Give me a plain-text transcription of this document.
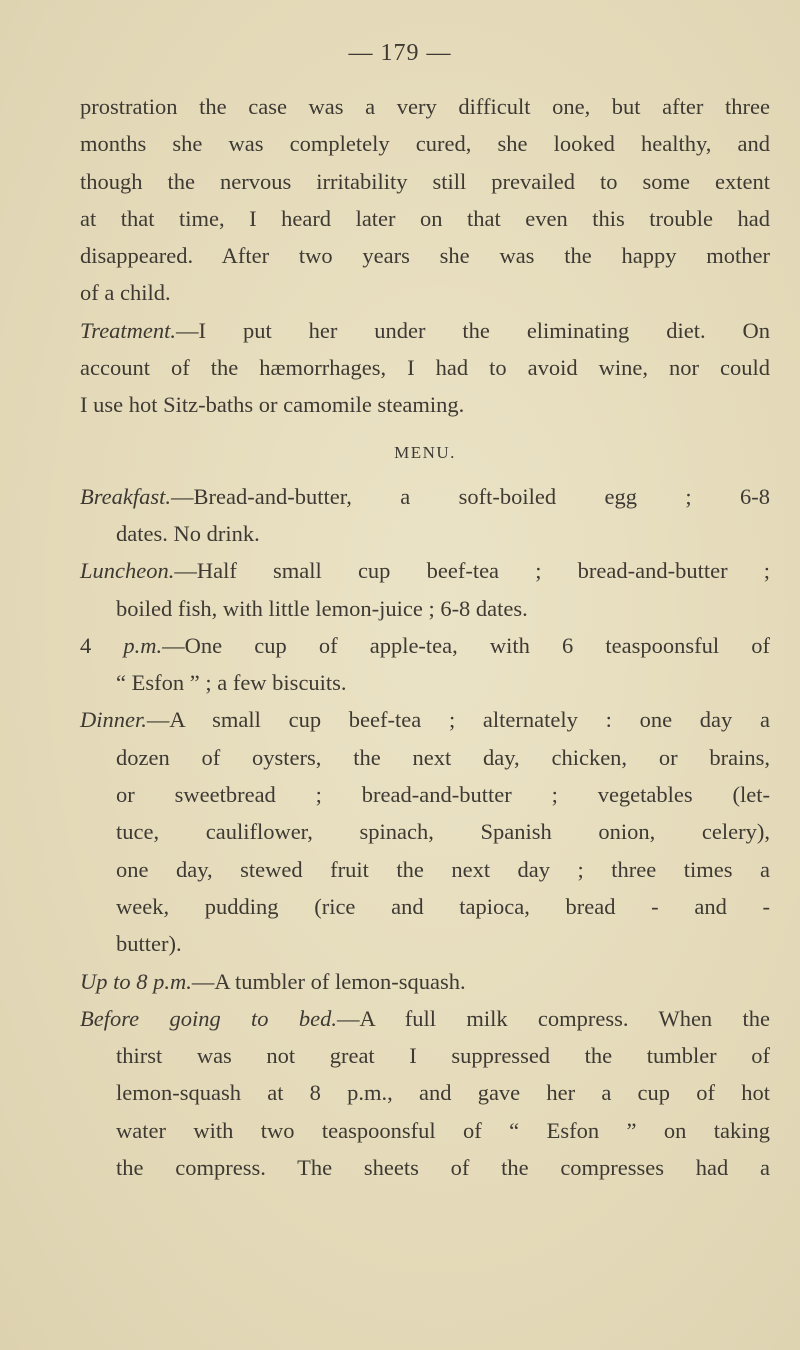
— 179 —
prostration the case was a very difficult one, but after three
months she was completely cured, she looked healthy, and
though the nervous irritability still prevailed to some extent
at that time, I heard later on that even this trouble had
disappeared. After two years she was the happy mother
of a child.
Treatment.—I put her under the eliminating diet. On
account of the hæmorrhages, I had to avoid wine, nor could
I use hot Sitz-baths or camomile steaming.
MENU.
Breakfast.—Bread-and-butter, a soft-boiled egg ; 6-8
dates. No drink.
Luncheon.—Half small cup beef-tea ; bread-and-butter ;
boiled fish, with little lemon-juice ; 6-8 dates.
4 p.m.—One cup of apple-tea, with 6 teaspoonsful of
“ Esfon ” ; a few biscuits.
Dinner.—A small cup beef-tea ; alternately : one day a
dozen of oysters, the next day, chicken, or brains,
or sweetbread ; bread-and-butter ; vegetables (let-
tuce, cauliflower, spinach, Spanish onion, celery),
one day, stewed fruit the next day ; three times a
week, pudding (rice and tapioca, bread - and -
butter).
Up to 8 p.m.—A tumbler of lemon-squash.
Before going to bed.—A full milk compress. When the
thirst was not great I suppressed the tumbler of
lemon-squash at 8 p.m., and gave her a cup of hot
water with two teaspoonsful of “ Esfon ” on taking
the compress. The sheets of the compresses had a
